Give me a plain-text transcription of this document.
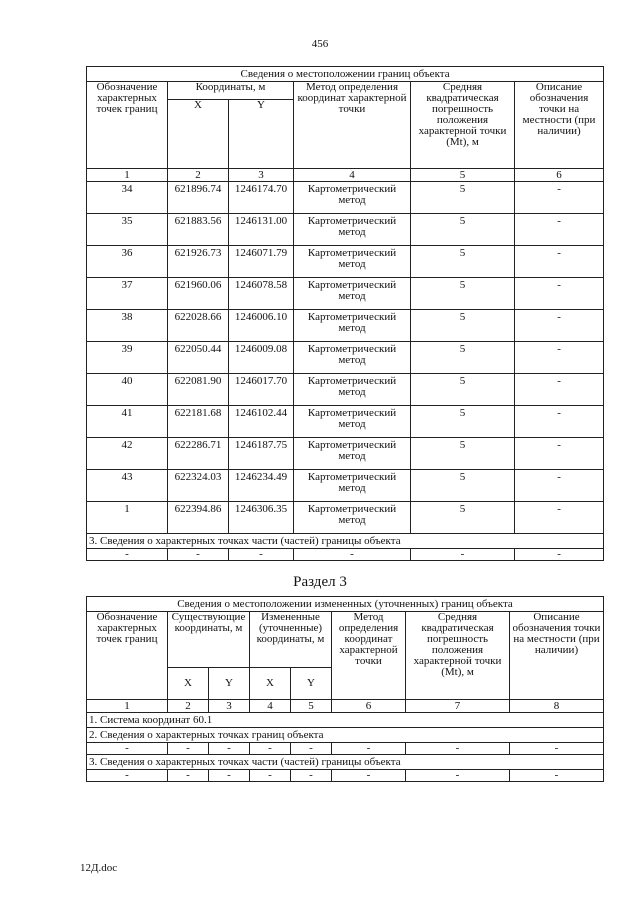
456
Сведения о местоположении границ объекта					
Обозначение характерных точек границ	Координаты, м		Метод определения координат характерной точки	Средняя квадратическая погрешность положения характерной точки (Mt), м	Описание обозначения точки на местности (при наличии)
	X	Y			
1	2	3	4	5	6
34	621896.74	1246174.70	Картометрический метод	5	-
35	621883.56	1246131.00	Картометрический метод	5	-
36	621926.73	1246071.79	Картометрический метод	5	-
37	621960.06	1246078.58	Картометрический метод	5	-
38	622028.66	1246006.10	Картометрический метод	5	-
39	622050.44	1246009.08	Картометрический метод	5	-
40	622081.90	1246017.70	Картометрический метод	5	-
41	622181.68	1246102.44	Картометрический метод	5	-
42	622286.71	1246187.75	Картометрический метод	5	-
43	622324.03	1246234.49	Картометрический метод	5	-
1	622394.86	1246306.35	Картометрический метод	5	-
3. Сведения о характерных точках части (частей) границы объекта					
-	-	-	-	-	-
Раздел 3
Сведения о местоположении измененных (уточненных) границ объекта							
Обозначение характерных точек границ	Существующие координаты, м		Измененные (уточненные) координаты, м		Метод определения координат характерной точки	Средняя квадратическая погрешность положения характерной точки (Mt), м	Описание обозначения точки на местности (при наличии)
	X	Y	X	Y			
1	2	3	4	5	6	7	8
1. Система координат 60.1							
2. Сведения о характерных точках границ объекта							
-	-	-	-	-	-	-	-
3. Сведения о характерных точках части (частей) границы объекта							
-	-	-	-	-	-	-	-
12Д.doc
